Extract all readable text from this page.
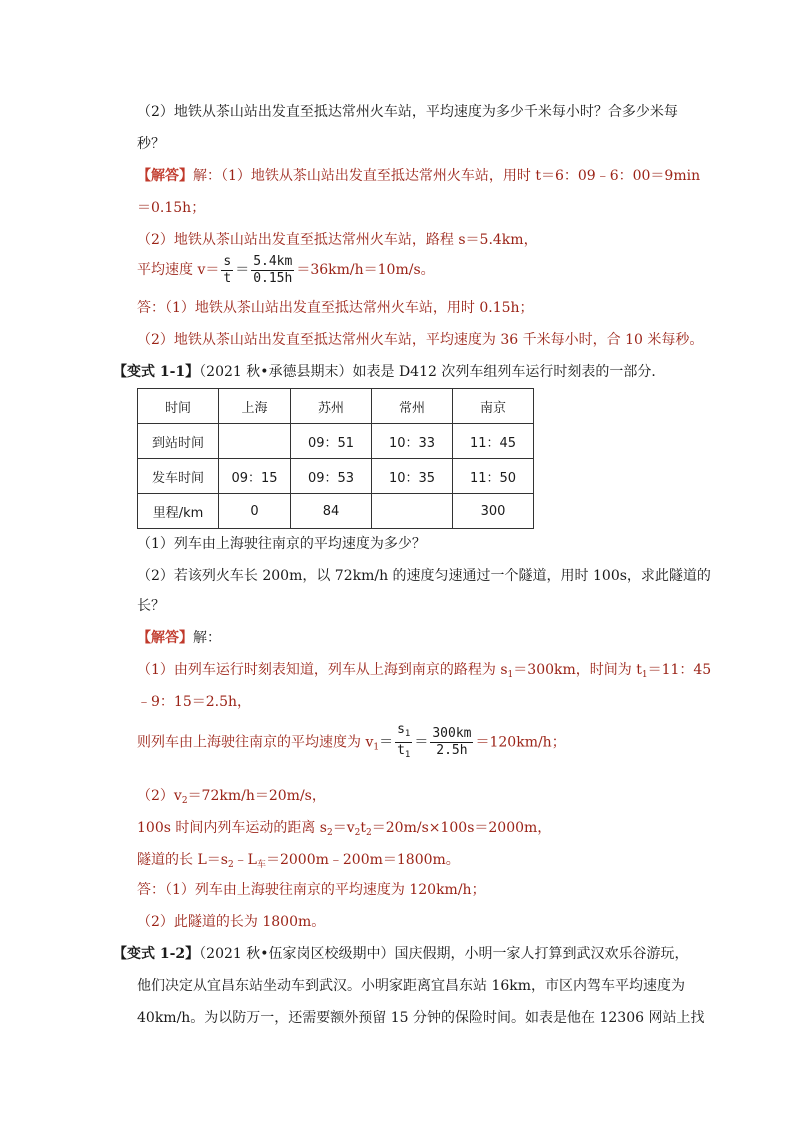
（2）地铁从茶山站出发直至抵达常州火车站，平均速度为多少千米每小时？合多少米每
秒？
【解答】解：（1）地铁从茶山站出发直至抵达常州火车站，用时 t＝6：09﹣6：00＝9min
＝0.15h；
（2）地铁从茶山站出发直至抵达常州火车站，路程 s＝5.4km，
平均速度 $v= \frac{s}{t} = \frac{5.4km}{0.15h} =36km/h=10m/s$。
答：（1）地铁从茶山站出发直至抵达常州火车站，用时 0.15h；
（2）地铁从茶山站出发直至抵达常州火车站，平均速度为 36 千米每小时，合 10 米每秒。
【变式 1-1】（2021 秋•承德县期末）如表是 D412 次列车组列车运行时刻表的一部分．
时间	上海	苏州	常州	南京
到站时间		09：51	10：33	11：45
发车时间	09：15	09：53	10：35	11：50
里程/km	0	84		300
（1）列车由上海驶往南京的平均速度为多少？
（2）若该列火车长 200m，以 72km/h 的速度匀速通过一个隧道，用时 100s，求此隧道的
长？
【解答】解：
（1）由列车运行时刻表知道，列车从上海到南京的路程为 $s_1=300km$，时间为 $t_1=11$：45
﹣9：15＝2.5h，
则列车由上海驶往南京的平均速度为 $v_1= \frac{s_1}{t_1} = \frac{300km}{2.5h} =120km/h$；
$(2)v_2=72km/h=20m/s$，
100s 时间内列车运动的距离 $s_2=v_2t_2=20m/s\times 100s=2000m$，
隧道的长 $L=s_2﹣L_车=2000m﹣200m=1800m$。
答：（1）列车由上海驶往南京的平均速度为 120km/h；
（2）此隧道的长为 1800m。
【变式 1-2】（2021 秋•伍家岗区校级期中）国庆假期，小明一家人打算到武汉欢乐谷游玩，
他们决定从宜昌东站坐动车到武汉。小明家距离宜昌东站 16km，市区内驾车平均速度为
40km/h。为以防万一，还需要额外预留 15 分钟的保险时间。如表是他在 12306 网站上找
